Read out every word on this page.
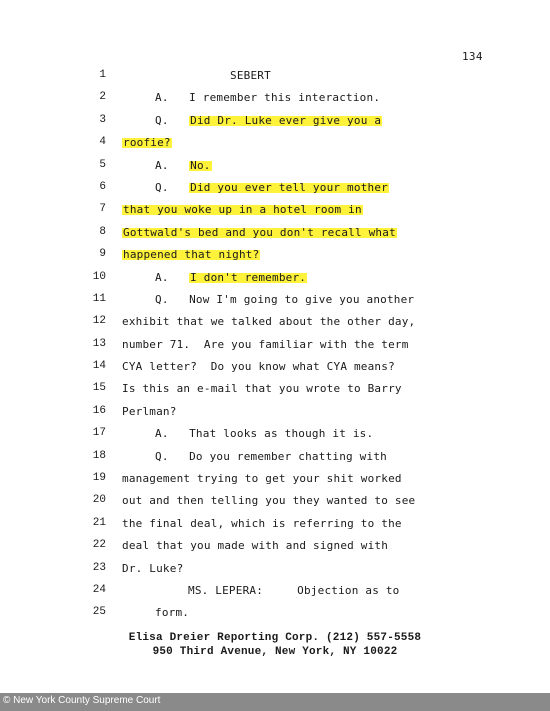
134
1	SEBERT
2	A.   I remember this interaction.
3	Q.   Did Dr. Luke ever give you a
4 roofie?
5	A.   No.
6	Q.   Did you ever tell your mother
7 that you woke up in a hotel room in
8 Gottwald's bed and you don't recall what
9 happened that night?
10	A.   I don't remember.
11	Q.   Now I'm going to give you another
12 exhibit that we talked about the other day,
13 number 71.  Are you familiar with the term
14 CYA letter?  Do you know what CYA means?
15 Is this an e-mail that you wrote to Barry
16 Perlman?
17	A.   That looks as though it is.
18	Q.   Do you remember chatting with
19 management trying to get your shit worked
20 out and then telling you they wanted to see
21 the final deal, which is referring to the
22 deal that you made with and signed with
23 Dr. Luke?
24	MS. LEPERA:     Objection as to
25	form.
Elisa Dreier Reporting Corp. (212) 557-5558
950 Third Avenue, New York, NY 10022
© New York County Supreme Court
